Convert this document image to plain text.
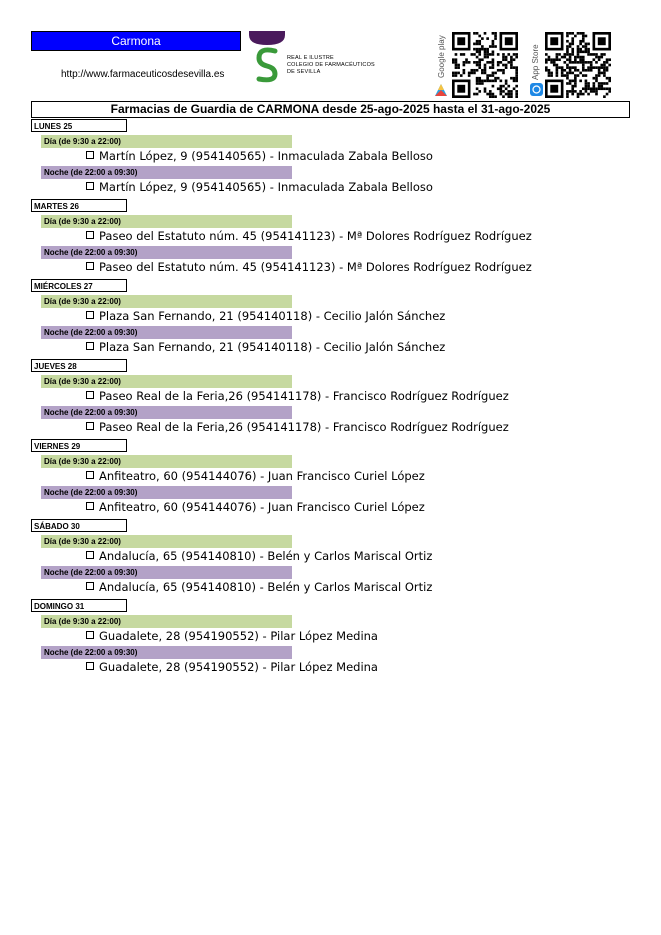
Carmona
http://www.farmaceuticosdesevilla.es
REAL E ILUSTRE
COLEGIO DE FARMACÉUTICOS
DE SEVILLA	Google play	App Store
Farmacias de Guardia de CARMONA desde 25-ago-2025 hasta el 31-ago-2025
LUNES 25
Día (de 9:30 a 22:00)
Martín López, 9 (954140565) - Inmaculada Zabala Belloso
Noche (de 22:00 a 09:30)
Martín López, 9 (954140565) - Inmaculada Zabala Belloso
MARTES 26
Día (de 9:30 a 22:00)
Paseo del Estatuto núm. 45 (954141123) - Mª Dolores Rodríguez Rodríguez
Noche (de 22:00 a 09:30)
Paseo del Estatuto núm. 45 (954141123) - Mª Dolores Rodríguez Rodríguez
MIÉRCOLES 27
Día (de 9:30 a 22:00)
Plaza San Fernando, 21 (954140118) - Cecilio Jalón Sánchez
Noche (de 22:00 a 09:30)
Plaza San Fernando, 21 (954140118) - Cecilio Jalón Sánchez
JUEVES 28
Día (de 9:30 a 22:00)
Paseo Real de la Feria,26 (954141178) - Francisco Rodríguez Rodríguez
Noche (de 22:00 a 09:30)
Paseo Real de la Feria,26 (954141178) - Francisco Rodríguez Rodríguez
VIERNES 29
Día (de 9:30 a 22:00)
Anfiteatro, 60 (954144076) - Juan Francisco Curiel López
Noche (de 22:00 a 09:30)
Anfiteatro, 60 (954144076) - Juan Francisco Curiel López
SÁBADO 30
Día (de 9:30 a 22:00)
Andalucía, 65 (954140810) - Belén y Carlos Mariscal Ortiz
Noche (de 22:00 a 09:30)
Andalucía, 65 (954140810) - Belén y Carlos Mariscal Ortiz
DOMINGO 31
Día (de 9:30 a 22:00)
Guadalete, 28 (954190552) - Pilar López Medina
Noche (de 22:00 a 09:30)
Guadalete, 28 (954190552) - Pilar López Medina
